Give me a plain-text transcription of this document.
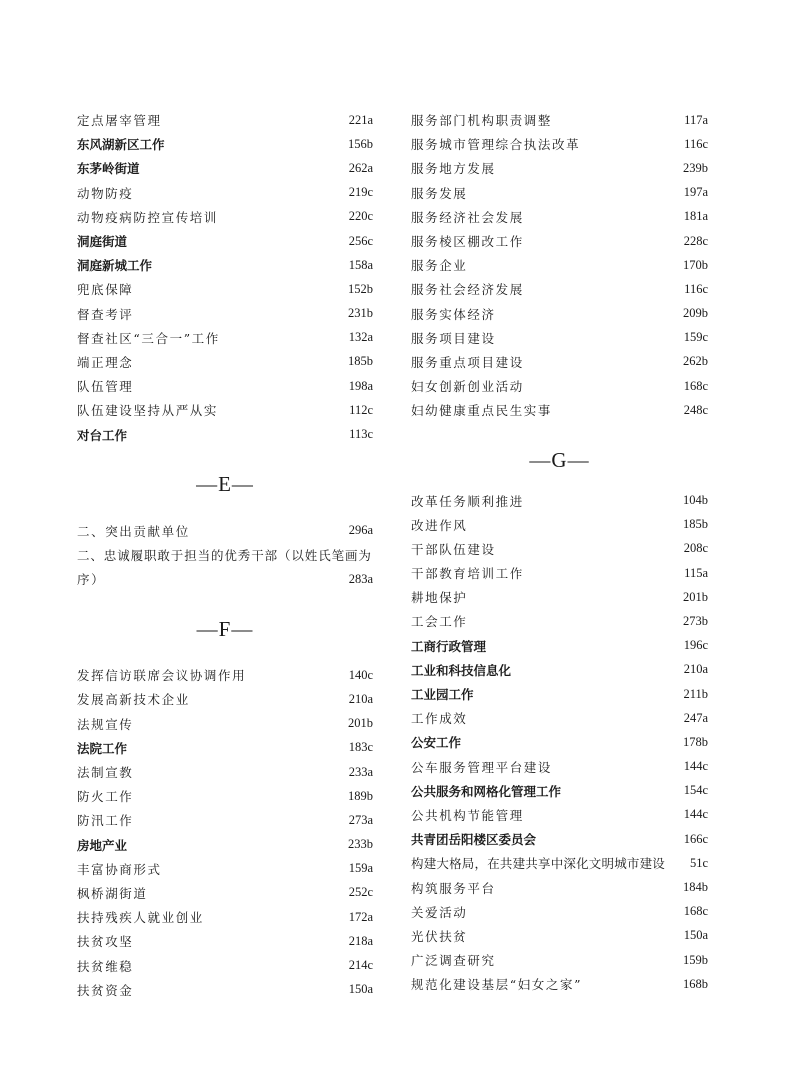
定点屠宰管理	221a
东风湖新区工作	156b
东茅岭街道	262a
动物防疫	219c
动物疫病防控宣传培训	220c
洞庭街道	256c
洞庭新城工作	158a
兜底保障	152b
督查考评	231b
督查社区“三合一”工作	132a
端正理念	185b
队伍管理	198a
队伍建设坚持从严从实	112c
对台工作	113c
—E—
二、突出贡献单位	296a
二、忠诚履职敢于担当的优秀干部（以姓氏笔画为
序）	283a
—F—
发挥信访联席会议协调作用	140c
发展高新技术企业	210a
法规宣传	201b
法院工作	183c
法制宣教	233a
防火工作	189b
防汛工作	273a
房地产业	233b
丰富协商形式	159a
枫桥湖街道	252c
扶持残疾人就业创业	172a
扶贫攻坚	218a
扶贫维稳	214c
扶贫资金	150a
服务部门机构职责调整	117a
服务城市管理综合执法改革	116c
服务地方发展	239b
服务发展	197a
服务经济社会发展	181a
服务棱区棚改工作	228c
服务企业	170b
服务社会经济发展	116c
服务实体经济	209b
服务项目建设	159c
服务重点项目建设	262b
妇女创新创业活动	168c
妇幼健康重点民生实事	248c
—G—
改革任务顺利推进	104b
改进作风	185b
干部队伍建设	208c
干部教育培训工作	115a
耕地保护	201b
工会工作	273b
工商行政管理	196c
工业和科技信息化	210a
工业园工作	211b
工作成效	247a
公安工作	178b
公车服务管理平台建设	144c
公共服务和网格化管理工作	154c
公共机构节能管理	144c
共青团岳阳楼区委员会	166c
构建大格局，在共建共享中深化文明城市建设 51c
构筑服务平台	184b
关爱活动	168c
光伏扶贫	150a
广泛调查研究	159b
规范化建设基层“妇女之家”	168b
